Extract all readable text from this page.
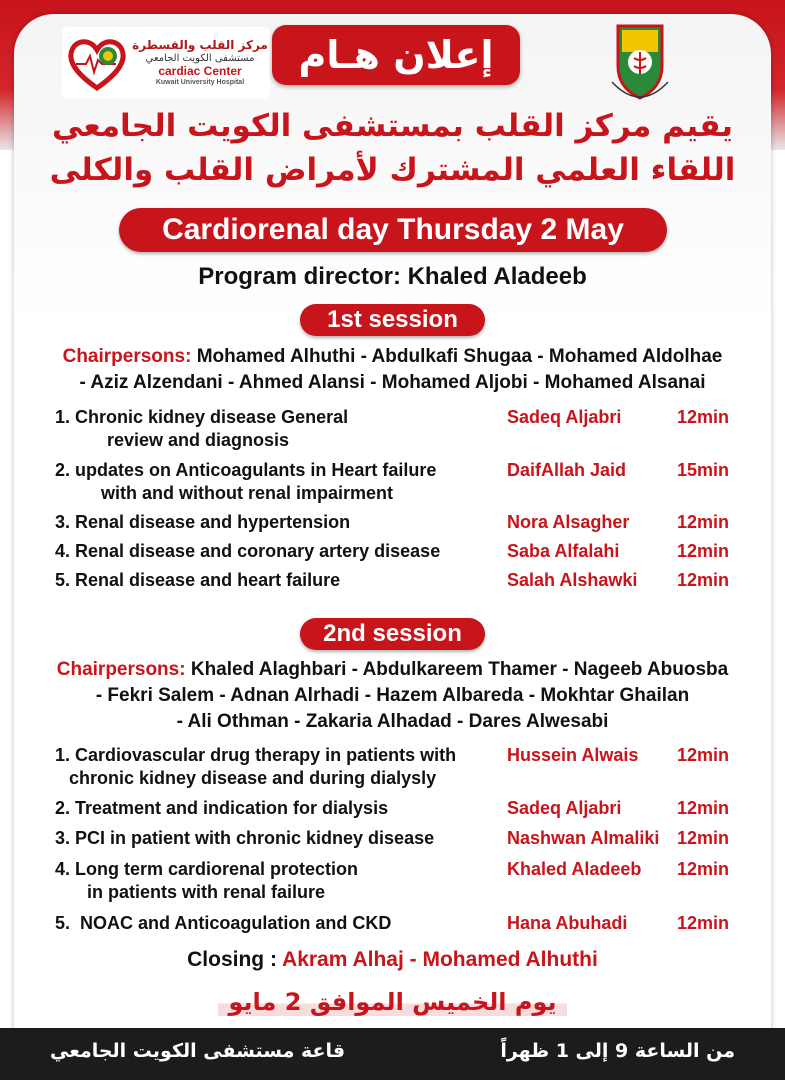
مركز القلب والقسطرة
مستشفى الكويت الجامعي
cardiac Center
Kuwait University Hospital
إعلان هـام
يقيم مركز القلب بمستشفى الكويت الجامعي
اللقاء العلمي المشترك لأمراض القلب والكلى
Cardiorenal day Thursday 2 May
Program director: Khaled Aladeeb
1st session
Chairpersons: Mohamed Alhuthi - Abdulkafi Shugaa - Mohamed Aldolhae
- Aziz Alzendani - Ahmed Alansi - Mohamed Aljobi - Mohamed Alsanai
1. Chronic kidney disease General
review and diagnosis
Sadeq Aljabri	12min
2. updates on Anticoagulants in Heart failure
with and without renal impairment
DaifAllah Jaid	15min
3. Renal disease and hypertension	Nora Alsagher	12min
4. Renal disease and coronary artery disease	Saba Alfalahi	12min
5. Renal disease and heart failure	Salah Alshawki	12min
2nd session
Chairpersons: Khaled Alaghbari - Abdulkareem Thamer - Nageeb Abuosba
- Fekri Salem - Adnan Alrhadi - Hazem Albareda - Mokhtar Ghailan
- Ali Othman - Zakaria Alhadad - Dares Alwesabi
1. Cardiovascular drug therapy in patients with
chronic kidney disease and during dialysly
Hussein Alwais	12min
2. Treatment and indication for dialysis	Sadeq Aljabri	12min
3. PCI in patient with chronic kidney disease	Nashwan Almaliki 12min
4. Long term cardiorenal protection
in patients with renal failure
Khaled Aladeeb	12min
5.  NOAC and Anticoagulation and CKD	Hana Abuhadi	12min
Closing : Akram Alhaj - Mohamed Alhuthi
يوم الخميس الموافق 2 مايو
من الساعة 9 إلى 1 ظهراً
قاعة مستشفى الكويت الجامعي
